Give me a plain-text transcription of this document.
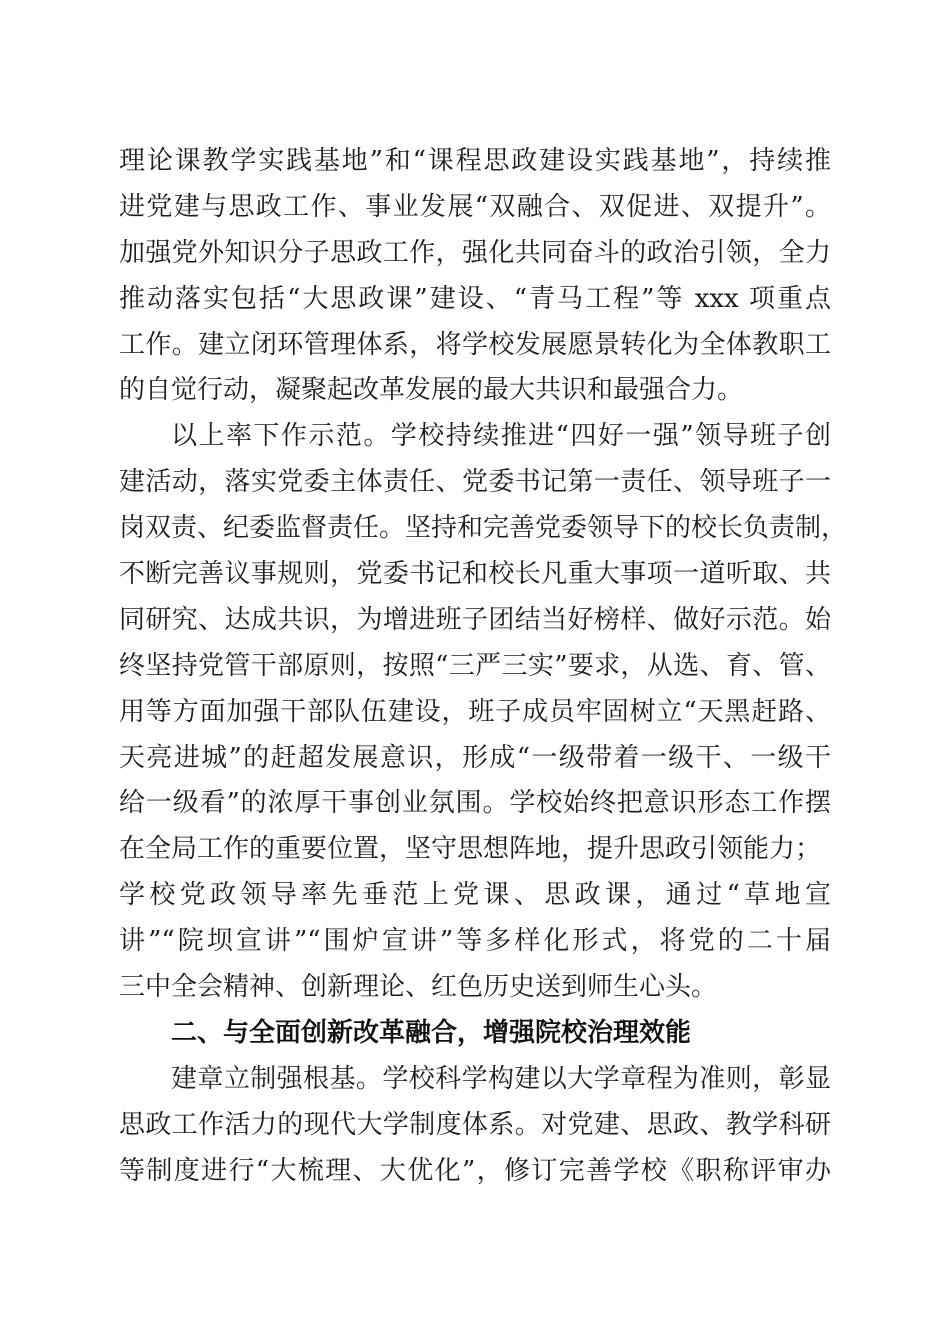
理论课教学实践基地”和“课程思政建设实践基地”，持续推
进党建与思政工作、事业发展“双融合、双促进、双提升”。
加强党外知识分子思政工作，强化共同奋斗的政治引领，全力
推动落实包括“大思政课”建设、“青马工程”等 xxx 项重点
工作。建立闭环管理体系，将学校发展愿景转化为全体教职工
的自觉行动，凝聚起改革发展的最大共识和最强合力。
以上率下作示范。学校持续推进“四好一强”领导班子创
建活动，落实党委主体责任、党委书记第一责任、领导班子一
岗双责、纪委监督责任。坚持和完善党委领导下的校长负责制，
不断完善议事规则，党委书记和校长凡重大事项一道听取、共
同研究、达成共识，为增进班子团结当好榜样、做好示范。始
终坚持党管干部原则，按照“三严三实”要求，从选、育、管、
用等方面加强干部队伍建设，班子成员牢固树立“天黑赶路、
天亮进城”的赶超发展意识，形成“一级带着一级干、一级干
给一级看”的浓厚干事创业氛围。学校始终把意识形态工作摆
在全局工作的重要位置，坚守思想阵地，提升思政引领能力；
学校党政领导率先垂范上党课、思政课，通过“草地宣
讲”“院坝宣讲”“围炉宣讲”等多样化形式，将党的二十届
三中全会精神、创新理论、红色历史送到师生心头。
二、与全面创新改革融合，增强院校治理效能
建章立制强根基。学校科学构建以大学章程为准则，彰显
思政工作活力的现代大学制度体系。对党建、思政、教学科研
等制度进行“大梳理、大优化”，修订完善学校《职称评审办
